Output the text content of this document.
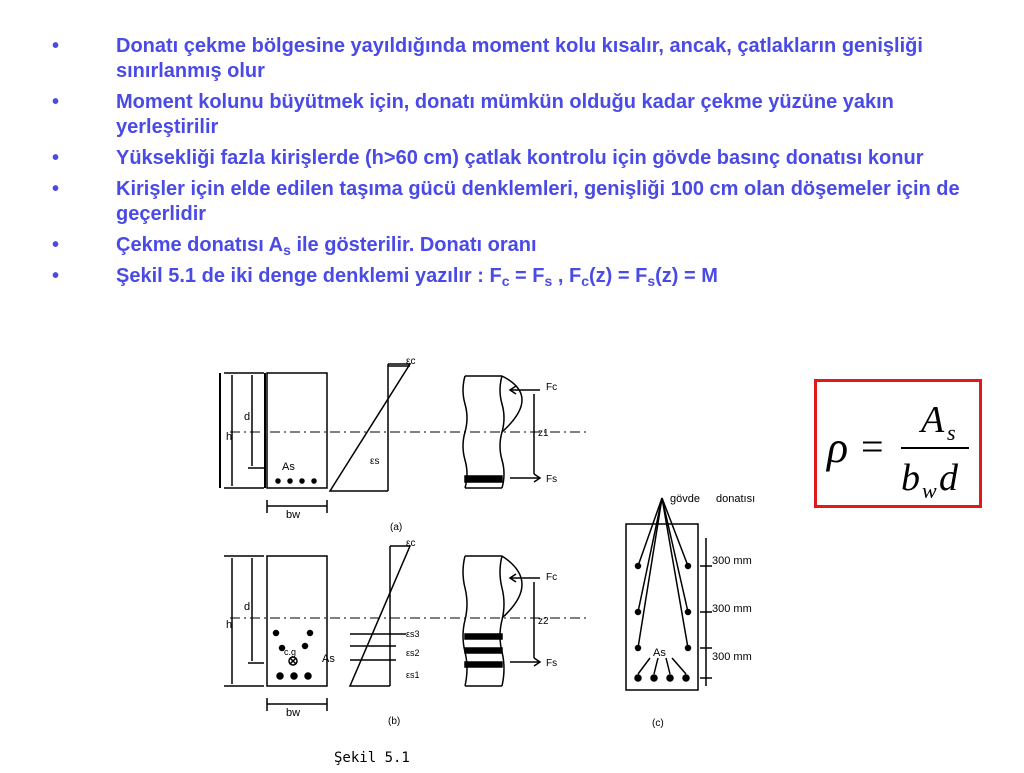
•	Donatı çekme bölgesine yayıldığında moment kolu kısalır, ancak, çatlakların genişliği sınırlanmış olur
•	Moment kolunu büyütmek için, donatı mümkün olduğu kadar çekme yüzüne yakın yerleştirilir
•	Yüksekliği fazla kirişlerde (h>60 cm) çatlak kontrolu için gövde basınç donatısı konur
•	Kirişler için elde edilen taşıma gücü denklemleri, genişliği 100 cm olan döşemeler için de geçerlidir
•	Çekme donatısı $A_s$ ile gösterilir. Donatı oranı
•	Şekil 5.1 de iki denge denklemi yazılır : $F_c = F_s$ , $F_c(z) = F_s(z) = M$
ρ =
A s
b w d
d
h
As
bw
εc
εs
Fc
Fs
z1
(a)
d
h
c.g
As
bw
εc
εs3
εs2
εs1
Fc
Fs
z2
(b)
gövde donatısı
300 mm
300 mm
300 mm
As
(c)
Şekil 5.1
